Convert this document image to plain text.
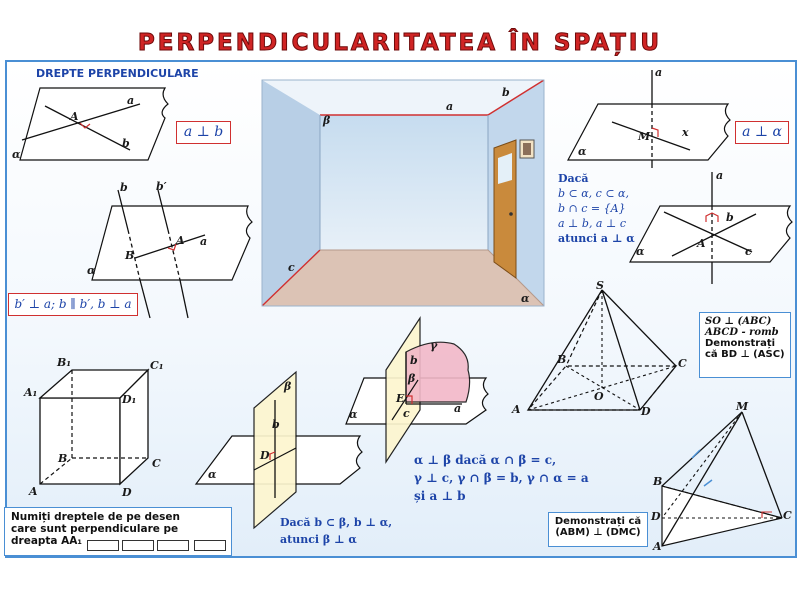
PERPENDICULARITATEA ÎN SPAȚIU
DREPTE PERPENDICULARE
a
A
b
α
a ⊥ b
b	b′
A a
B
α
b′ ⊥ a; b ∥ b′, b ⊥ a
a
b
β
c
α
a
M	x
α
a ⊥ α
Dacă
b ⊂ α, c ⊂ α,
b ∩ c = {A}
a ⊥ b, a ⊥ c
atunci a ⊥ α
a
b
A
c
α
B₁	C₁
A₁
D₁
B	C
A	D
Numiți dreptele de pe desen
care sunt perpendiculare pe
dreapta AA₁
β
b
D
α
Dacă b ⊂ β, b ⊥ α,
atunci β ⊥ α
γ
b
β
E
c	a
α
α ⊥ β dacă α ∩ β = c,
γ ⊥ c, γ ∩ β = b, γ ∩ α = a
și a ⊥ b
S
B	C
O
A	D
SO ⊥ (ABC)
ABCD - romb
Demonstrați
că BD ⊥ (ASC)
M
B
D	C
A
Demonstrați că
(ABM) ⊥ (DMC)
